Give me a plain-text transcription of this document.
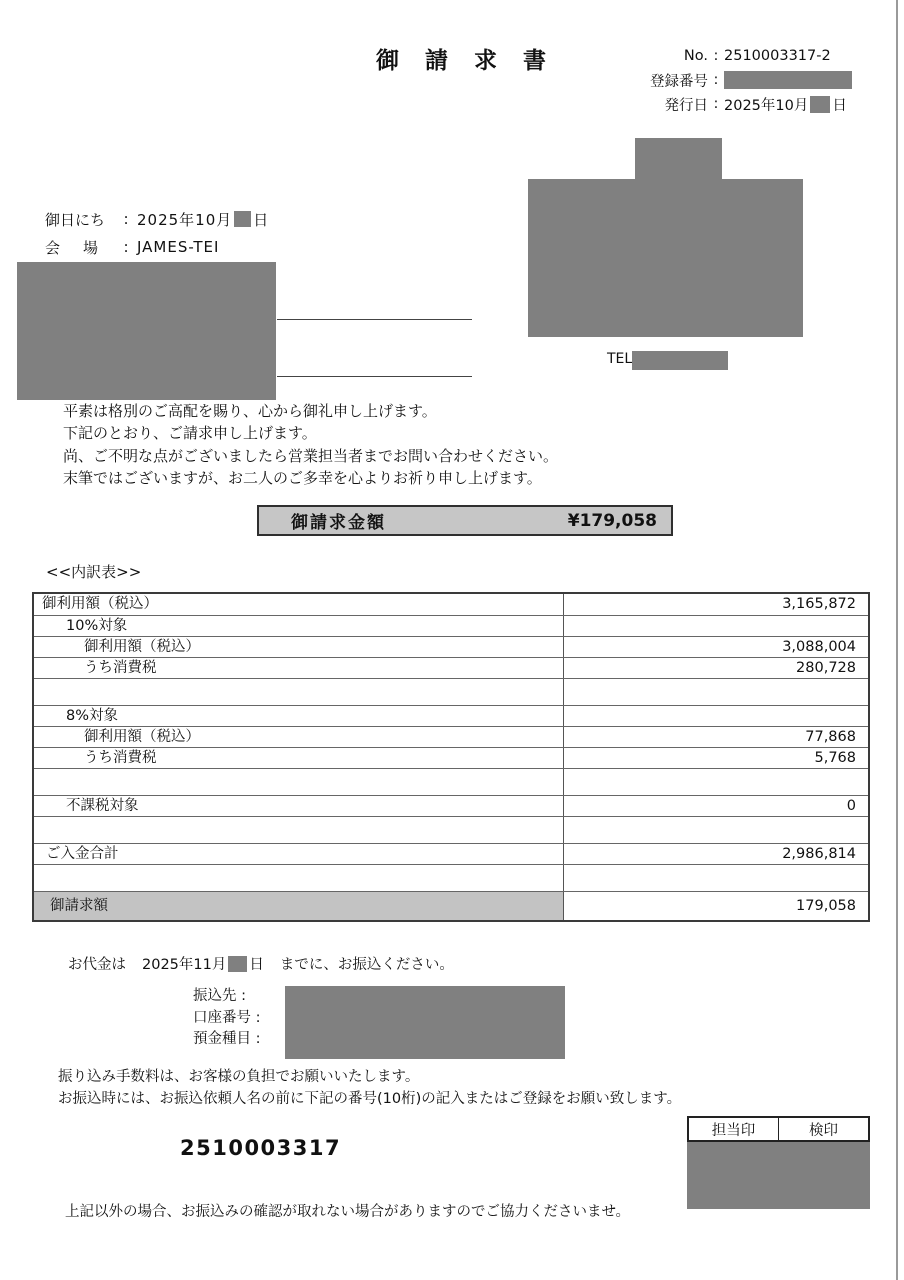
御 請 求 書	No. : 2510003317-2
登録番号 :
発行日 : 2025年10月 日
TEL
御日にち	: 2025年10月 日
会　場	: JAMES-TEI
平素は格別のご高配を賜り、心から御礼申し上げます。
下記のとおり、ご請求申し上げます。
尚、ご不明な点がございましたら営業担当者までお問い合わせください。
末筆ではございますが、お二人のご多幸を心よりお祈り申し上げます。
御請求金額	¥179,058
<<内訳表>>
御利用額（税込）	3,165,872
10%対象
御利用額（税込）	3,088,004
うち消費税	280,728
8%対象
御利用額（税込）	77,868
うち消費税	5,768
不課税対象	0
ご入金合計	2,986,814
御請求額	179,058
お代金は 2025年11月 日 までに、お振込ください。
振込先 :
口座番号 :
預金種目 :
振り込み手数料は、お客様の負担でお願いいたします。
お振込時には、お振込依頼人名の前に下記の番号(10桁)の記入またはご登録をお願い致します。
2510003317
担当印	検印
上記以外の場合、お振込みの確認が取れない場合がありますのでご協力くださいませ。
